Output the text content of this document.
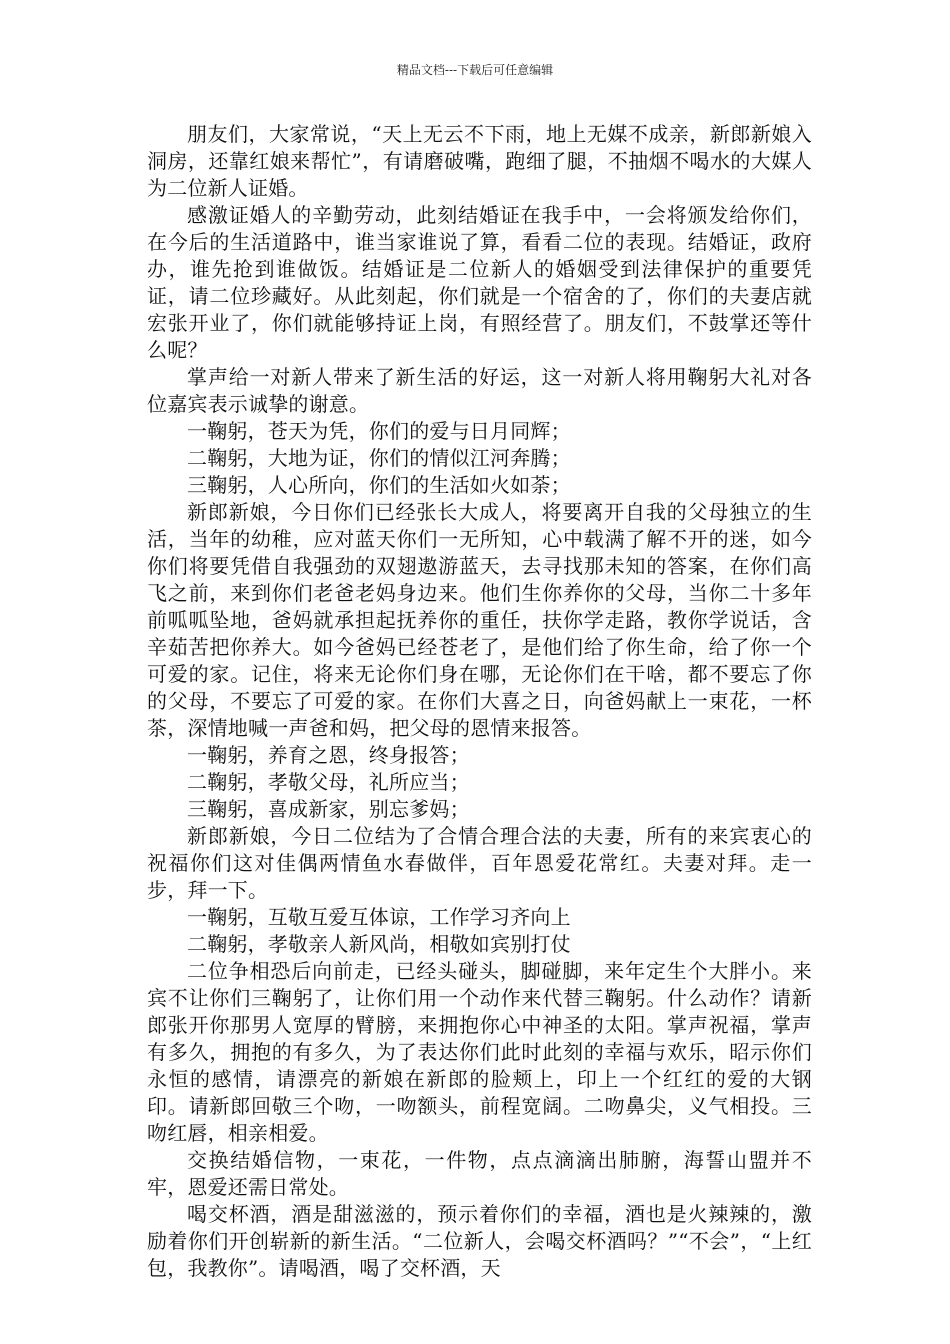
精品文档---下载后可任意编辑

朋友们，大家常说，“天上无云不下雨，地上无媒不成亲，新郎新娘入洞房，还靠红娘来帮忙”，有请磨破嘴，跑细了腿，不抽烟不喝水的大媒人为二位新人证婚。

感激证婚人的辛勤劳动，此刻结婚证在我手中，一会将颁发给你们，在今后的生活道路中，谁当家谁说了算，看看二位的表现。结婚证，政府办，谁先抢到谁做饭。结婚证是二位新人的婚姻受到法律保护的重要凭证，请二位珍藏好。从此刻起，你们就是一个宿舍的了，你们的夫妻店就宏张开业了，你们就能够持证上岗，有照经营了。朋友们，不鼓掌还等什么呢？

掌声给一对新人带来了新生活的好运，这一对新人将用鞠躬大礼对各位嘉宾表示诚挚的谢意。

一鞠躬，苍天为凭，你们的爱与日月同辉；

二鞠躬，大地为证，你们的情似江河奔腾；

三鞠躬，人心所向，你们的生活如火如荼；

新郎新娘，今日你们已经张长大成人，将要离开自我的父母独立的生活，当年的幼稚，应对蓝天你们一无所知，心中载满了解不开的迷，如今你们将要凭借自我强劲的双翅遨游蓝天，去寻找那未知的答案，在你们高飞之前，来到你们老爸老妈身边来。他们生你养你的父母，当你二十多年前呱呱坠地，爸妈就承担起抚养你的重任，扶你学走路，教你学说话，含辛茹苦把你养大。如今爸妈已经苍老了，是他们给了你生命，给了你一个可爱的家。记住，将来无论你们身在哪，无论你们在干啥，都不要忘了你的父母，不要忘了可爱的家。在你们大喜之日，向爸妈献上一束花，一杯茶，深情地喊一声爸和妈，把父母的恩情来报答。

一鞠躬，养育之恩，终身报答；

二鞠躬，孝敬父母，礼所应当；

三鞠躬，喜成新家，别忘爹妈；

新郎新娘，今日二位结为了合情合理合法的夫妻，所有的来宾衷心的祝福你们这对佳偶两情鱼水春做伴，百年恩爱花常红。夫妻对拜。走一步，拜一下。

一鞠躬，互敬互爱互体谅，工作学习齐向上

二鞠躬，孝敬亲人新风尚，相敬如宾别打仗

二位争相恐后向前走，已经头碰头，脚碰脚，来年定生个大胖小。来宾不让你们三鞠躬了，让你们用一个动作来代替三鞠躬。什么动作？请新郎张开你那男人宽厚的臂膀，来拥抱你心中神圣的太阳。掌声祝福，掌声有多久，拥抱的有多久，为了表达你们此时此刻的幸福与欢乐，昭示你们永恒的感情，请漂亮的新娘在新郎的脸颊上，印上一个红红的爱的大钢印。请新郎回敬三个吻，一吻额头，前程宽阔。二吻鼻尖，义气相投。三吻红唇，相亲相爱。

交换结婚信物，一束花，一件物，点点滴滴出肺腑，海誓山盟并不牢，恩爱还需日常处。

喝交杯酒，酒是甜滋滋的，预示着你们的幸福，酒也是火辣辣的，激励着你们开创崭新的新生活。“二位新人，会喝交杯酒吗？”“不会”，“上红包，我教你”。请喝酒，喝了交杯酒，天
